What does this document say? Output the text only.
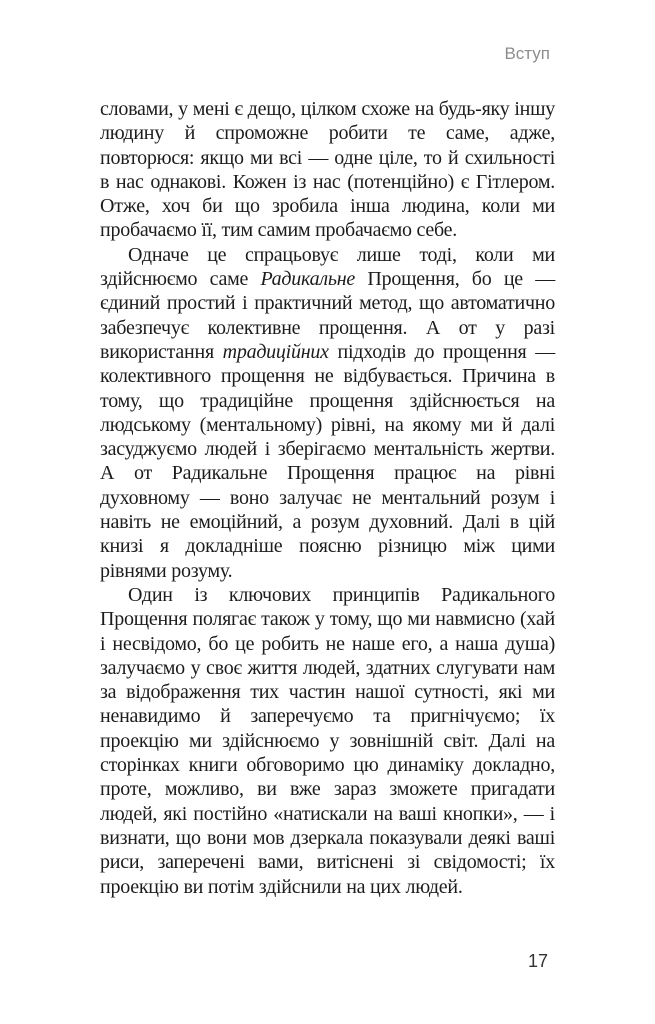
Вступ

словами, у мені є дещо, цілком схоже на будь-яку іншу людину й спроможне робити те саме, адже, повторюся: якщо ми всі — одне ціле, то й схильності в нас однакові. Кожен із нас (потенційно) є Гітлером. Отже, хоч би що зробила інша людина, коли ми пробачаємо її, тим самим пробачаємо себе.

Одначе це спрацьовує лише тоді, коли ми здійснюємо саме Радикальне Прощення, бо це — єдиний простий і практичний метод, що автоматично забезпечує колективне прощення. А от у разі використання традиційних підходів до прощення — колективного прощення не відбувається. Причина в тому, що традиційне прощення здійснюється на людському (ментальному) рівні, на якому ми й далі засуджуємо людей і зберігаємо ментальність жертви. А от Радикальне Прощення працює на рівні духовному — воно залучає не ментальний розум і навіть не емоційний, а розум духовний. Далі в цій книзі я докладніше поясню різницю між цими рівнями розуму.

Один із ключових принципів Радикального Прощення полягає також у тому, що ми навмисно (хай і несвідомо, бо це робить не наше его, а наша душа) залучаємо у своє життя людей, здатних слугувати нам за відображення тих частин нашої сутності, які ми ненавидимо й заперечуємо та пригнічуємо; їх проекцію ми здійснюємо у зовнішній світ. Далі на сторінках книги обговоримо цю динаміку докладно, проте, можливо, ви вже зараз зможете пригадати людей, які постійно «натискали на ваші кнопки», — і визнати, що вони мов дзеркала показували деякі ваші риси, заперечені вами, витіснені зі свідомості; їх проекцію ви потім здійснили на цих людей.

17
